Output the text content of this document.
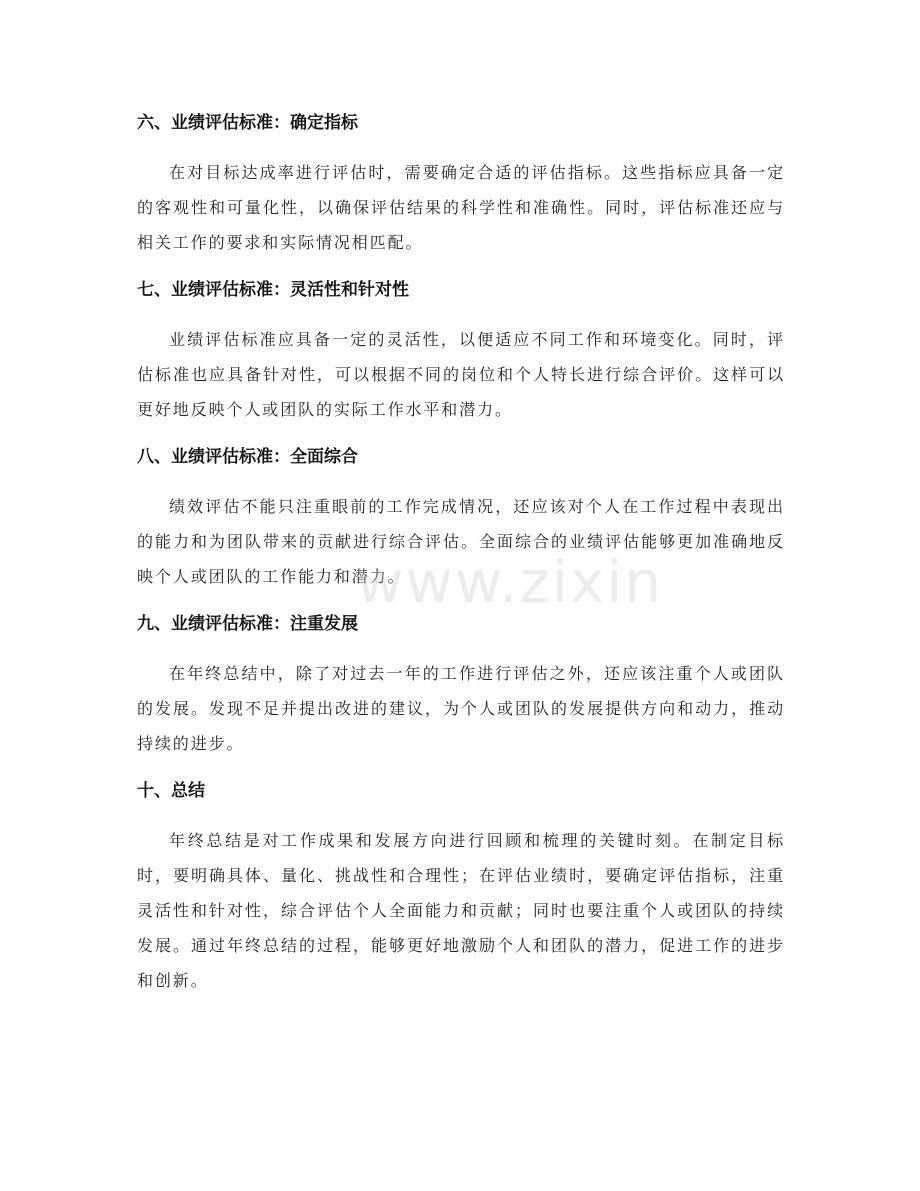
六、业绩评估标准：确定指标

在对目标达成率进行评估时，需要确定合适的评估指标。这些指标应具备一定的客观性和可量化性，以确保评估结果的科学性和准确性。同时，评估标准还应与相关工作的要求和实际情况相匹配。

七、业绩评估标准：灵活性和针对性

业绩评估标准应具备一定的灵活性，以便适应不同工作和环境变化。同时，评估标准也应具备针对性，可以根据不同的岗位和个人特长进行综合评价。这样可以更好地反映个人或团队的实际工作水平和潜力。

八、业绩评估标准：全面综合

绩效评估不能只注重眼前的工作完成情况，还应该对个人在工作过程中表现出的能力和为团队带来的贡献进行综合评估。全面综合的业绩评估能够更加准确地反映个人或团队的工作能力和潜力。

九、业绩评估标准：注重发展

在年终总结中，除了对过去一年的工作进行评估之外，还应该注重个人或团队的发展。发现不足并提出改进的建议，为个人或团队的发展提供方向和动力，推动持续的进步。

十、总结

年终总结是对工作成果和发展方向进行回顾和梳理的关键时刻。在制定目标时，要明确具体、量化、挑战性和合理性；在评估业绩时，要确定评估指标，注重灵活性和针对性，综合评估个人全面能力和贡献；同时也要注重个人或团队的持续发展。通过年终总结的过程，能够更好地激励个人和团队的潜力，促进工作的进步和创新。

www.zixin
